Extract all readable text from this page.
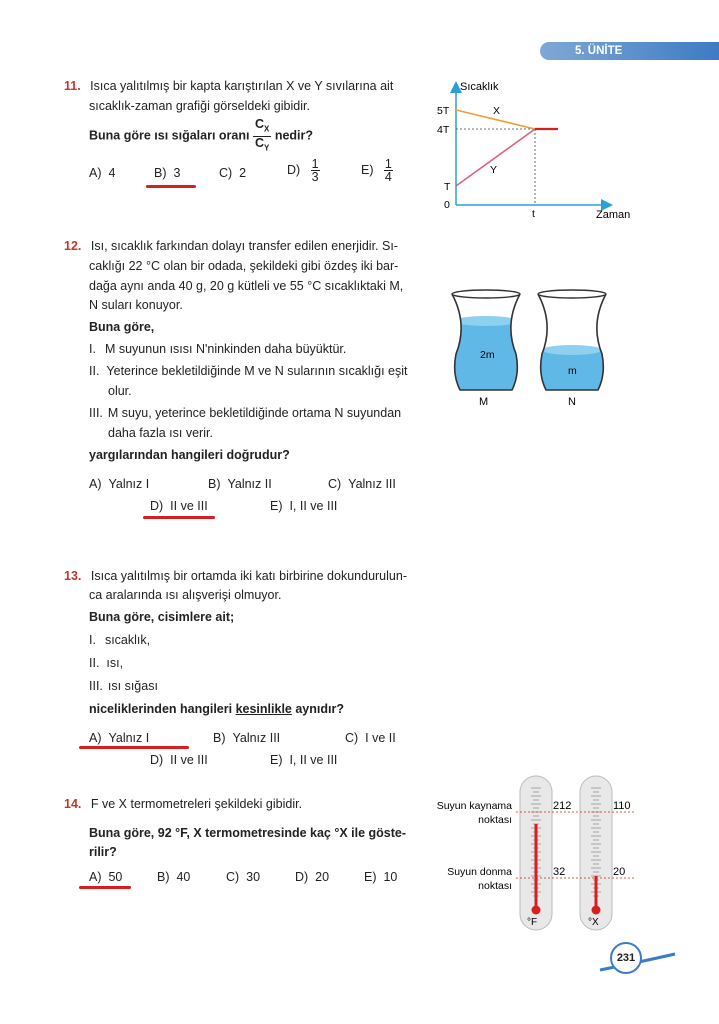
5. ÜNİTE
11. Isıca yalıtılmış bir kapta karıştırılan X ve Y sıvılarına ait
sıcaklık-zaman grafiği görseldeki gibidir.
Buna göre ısı sığaları oranı $\frac{C_X}{C_Y}$ nedir?
A) 4	B) 3	C) 2	$D) \frac{1}{3}$	$E) \frac{1}{4}$
Sıcaklık
Zaman
5T
4T
T
0
t
X
Y
12. Isı, sıcaklık farkından dolayı transfer edilen enerjidir. Sı-
caklığı 22 °C olan bir odada, şekildeki gibi özdeş iki bar-
dağa aynı anda 40 g, 20 g kütleli ve 55 °C sıcaklıktaki M,
N suları konuyor.
Buna göre,
I. M suyunun ısısı N'ninkinden daha büyüktür.
II. Yeterince bekletildiğinde M ve N sularının sıcaklığı eşit
olur.
III. M suyu, yeterince bekletildiğinde ortama N suyundan
daha fazla ısı verir.
yargılarından hangileri doğrudur?
A) Yalnız I	B) Yalnız II	C) Yalnız III
D) II ve III	E) I, II ve III
2m
m
M	N
13. Isıca yalıtılmış bir ortamda iki katı birbirine dokundurulun-
ca aralarında ısı alışverişi olmuyor.
Buna göre, cisimlere ait;
I. sıcaklık,
II. ısı,
III. ısı sığası
niceliklerinden hangileri kesinlikle aynıdır?
A) Yalnız I	B) Yalnız III	C) I ve II
D) II ve III	E) I, II ve III
14. F ve X termometreleri şekildeki gibidir.
Buna göre, 92 °F, X termometresinde kaç °X ile göste-
rilir?
A) 50	B) 40	C) 30	D) 20	E) 10
°F	°X
212
32
110
20
Suyun kaynama
noktası
Suyun donma
noktası
231
